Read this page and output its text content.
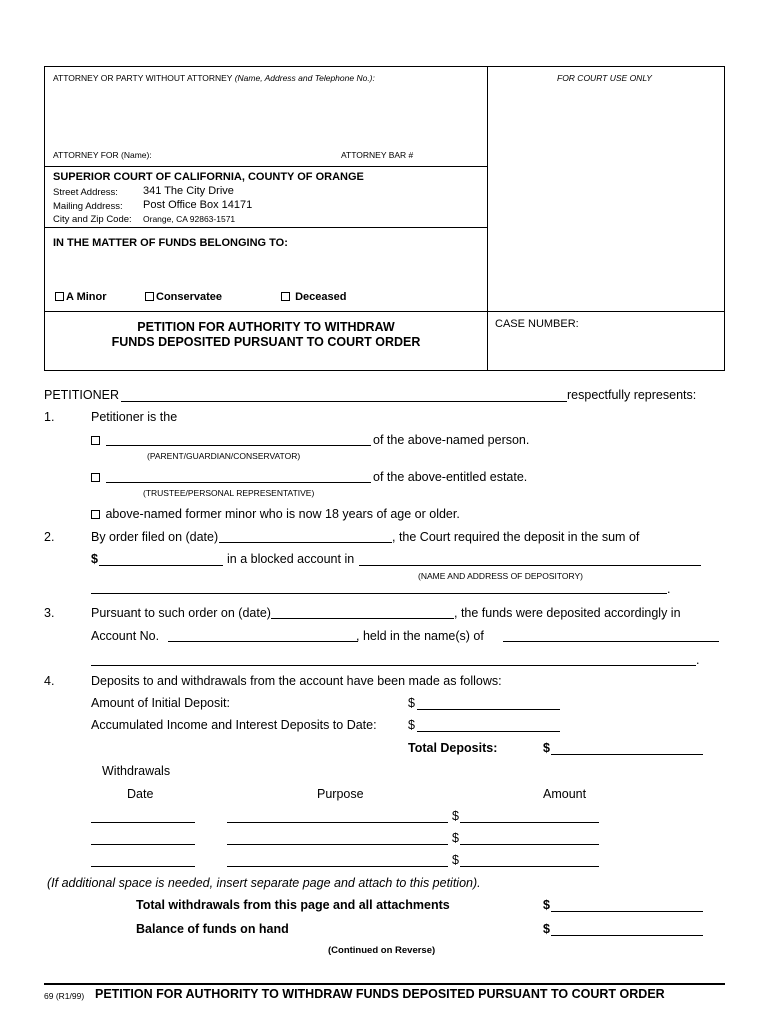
ATTORNEY OR PARTY WITHOUT ATTORNEY (Name, Address and Telephone No.):	FOR COURT USE ONLY
ATTORNEY FOR (Name):	ATTORNEY BAR #
SUPERIOR COURT OF CALIFORNIA, COUNTY OF ORANGE
Street Address: 341 The City Drive
Mailing Address: Post Office Box 14171
City and Zip Code: Orange, CA 92863-1571
IN THE MATTER OF FUNDS BELONGING TO:
A Minor	Conservatee	Deceased
PETITION FOR AUTHORITY TO WITHDRAW
FUNDS DEPOSITED PURSUANT TO COURT ORDER
CASE NUMBER:
PETITIONER	respectfully represents:
1.	Petitioner is the
of the above-named person.
(PARENT/GUARDIAN/CONSERVATOR)
of the above-entitled estate.
(TRUSTEE/PERSONAL REPRESENTATIVE)
above-named former minor who is now 18 years of age or older.
2.	By order filed on (date)	, the Court required the deposit in the sum of
$	in a blocked account in
(NAME AND ADDRESS OF DEPOSITORY)
.
3.	Pursuant to such order on (date)	, the funds were deposited accordingly in
Account No.	, held in the name(s) of
.
4.	Deposits to and withdrawals from the account have been made as follows:
Amount of Initial Deposit:	$
Accumulated Income and Interest Deposits to Date:	$
Total Deposits:	$
Withdrawals
Date	Purpose	Amount
$
$
$
(If additional space is needed, insert separate page and attach to this petition).
Total withdrawals from this page and all attachments	$
Balance of funds on hand	$
(Continued on Reverse)
69 (R1/99) PETITION FOR AUTHORITY TO WITHDRAW FUNDS DEPOSITED PURSUANT TO COURT ORDER
